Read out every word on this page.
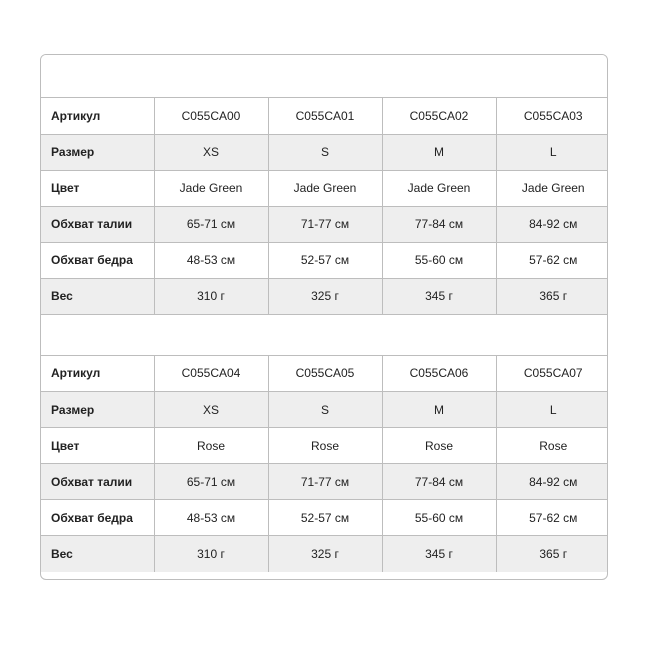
Артикул	C055CA00	C055CA01	C055CA02	C055CA03
Размер	XS	S	M	L
Цвет	Jade Green	Jade Green	Jade Green	Jade Green
Обхват талии	65-71 см	71-77 см	77-84 см	84-92 см
Обхват бедра	48-53 см	52-57 см	55-60 см	57-62 см
Вес	310 г	325 г	345 г	365 г
Артикул	C055CA04	C055CA05	C055CA06	C055CA07
Размер	XS	S	M	L
Цвет	Rose	Rose	Rose	Rose
Обхват талии	65-71 см	71-77 см	77-84 см	84-92 см
Обхват бедра	48-53 см	52-57 см	55-60 см	57-62 см
Вес	310 г	325 г	345 г	365 г
